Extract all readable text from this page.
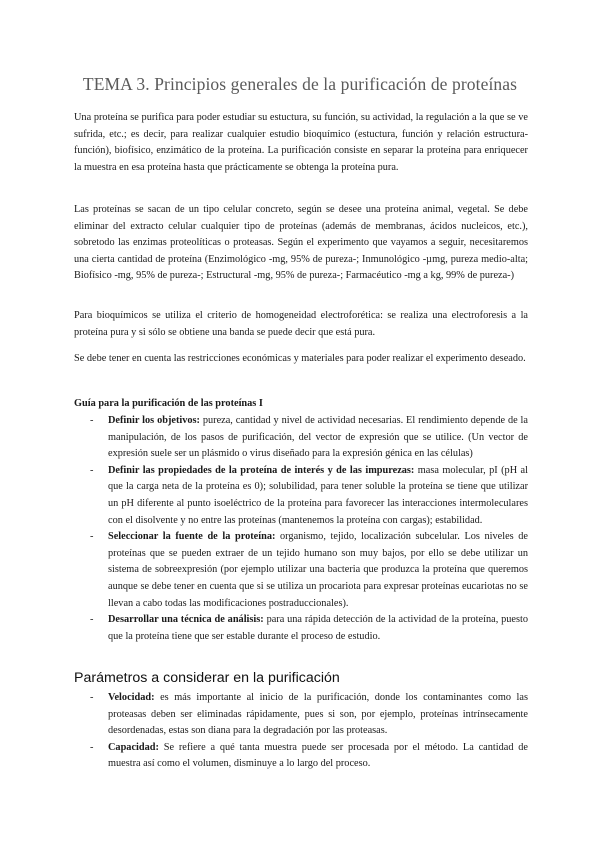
TEMA 3. Principios generales de la purificación de proteínas

Una proteína se purifica para poder estudiar su estuctura, su función, su actividad, la regulación a la que se ve sufrida, etc.; es decir, para realizar cualquier estudio bioquímico (estuctura, función y relación estructura-función), biofísico, enzimático de la proteína. La purificación consiste en separar la proteína para enriquecer la muestra en esa proteína hasta que prácticamente se obtenga la proteína pura.

Las proteínas se sacan de un tipo celular concreto, según se desee una proteína animal, vegetal. Se debe eliminar del extracto celular cualquier tipo de proteínas (además de membranas, ácidos nucleicos, etc.), sobretodo las enzimas proteolíticas o proteasas. Según el experimento que vayamos a seguir, necesitaremos una cierta cantidad de proteína (Enzimológico -mg, 95% de pureza-; Inmunológico -µmg, pureza medio-alta; Biofísico -mg, 95% de pureza-; Estructural -mg, 95% de pureza-; Farmacéutico -mg a kg, 99% de pureza-)

Para bioquímicos se utiliza el criterio de homogeneidad electroforética: se realiza una electroforesis a la proteína pura y si sólo se obtiene una banda se puede decir que está pura.

Se debe tener en cuenta las restricciones económicas y materiales para poder realizar el experimento deseado.

Guía para la purificación de las proteínas I

- Definir los objetivos: pureza, cantidad y nivel de actividad necesarias. El rendimiento depende de la manipulación, de los pasos de purificación, del vector de expresión que se utilice. (Un vector de expresión suele ser un plásmido o virus diseñado para la expresión génica en las células)
- Definir las propiedades de la proteína de interés y de las impurezas: masa molecular, pI (pH al que la carga neta de la proteína es 0); solubilidad, para tener soluble la proteína se tiene que utilizar un pH diferente al punto isoeléctrico de la proteína para favorecer las interacciones intermoleculares con el disolvente y no entre las proteínas (mantenemos la proteína con cargas); estabilidad.
- Seleccionar la fuente de la proteína: organismo, tejido, localización subcelular. Los niveles de proteínas que se pueden extraer de un tejido humano son muy bajos, por ello se debe utilizar un sistema de sobreexpresión (por ejemplo utilizar una bacteria que produzca la proteína que queremos aunque se debe tener en cuenta que si se utiliza un procariota para expresar proteínas eucariotas no se llevan a cabo todas las modificaciones postraduccionales).
- Desarrollar una técnica de análisis: para una rápida detección de la actividad de la proteína, puesto que la proteína tiene que ser estable durante el proceso de estudio.
Parámetros a considerar en la purificación
- Velocidad: es más importante al inicio de la purificación, donde los contaminantes como las proteasas deben ser eliminadas rápidamente, pues si son, por ejemplo, proteínas intrínsecamente desordenadas, estas son diana para la degradación por las proteasas.
- Capacidad: Se refiere a qué tanta muestra puede ser procesada por el método. La cantidad de muestra así como el volumen, disminuye a lo largo del proceso.
